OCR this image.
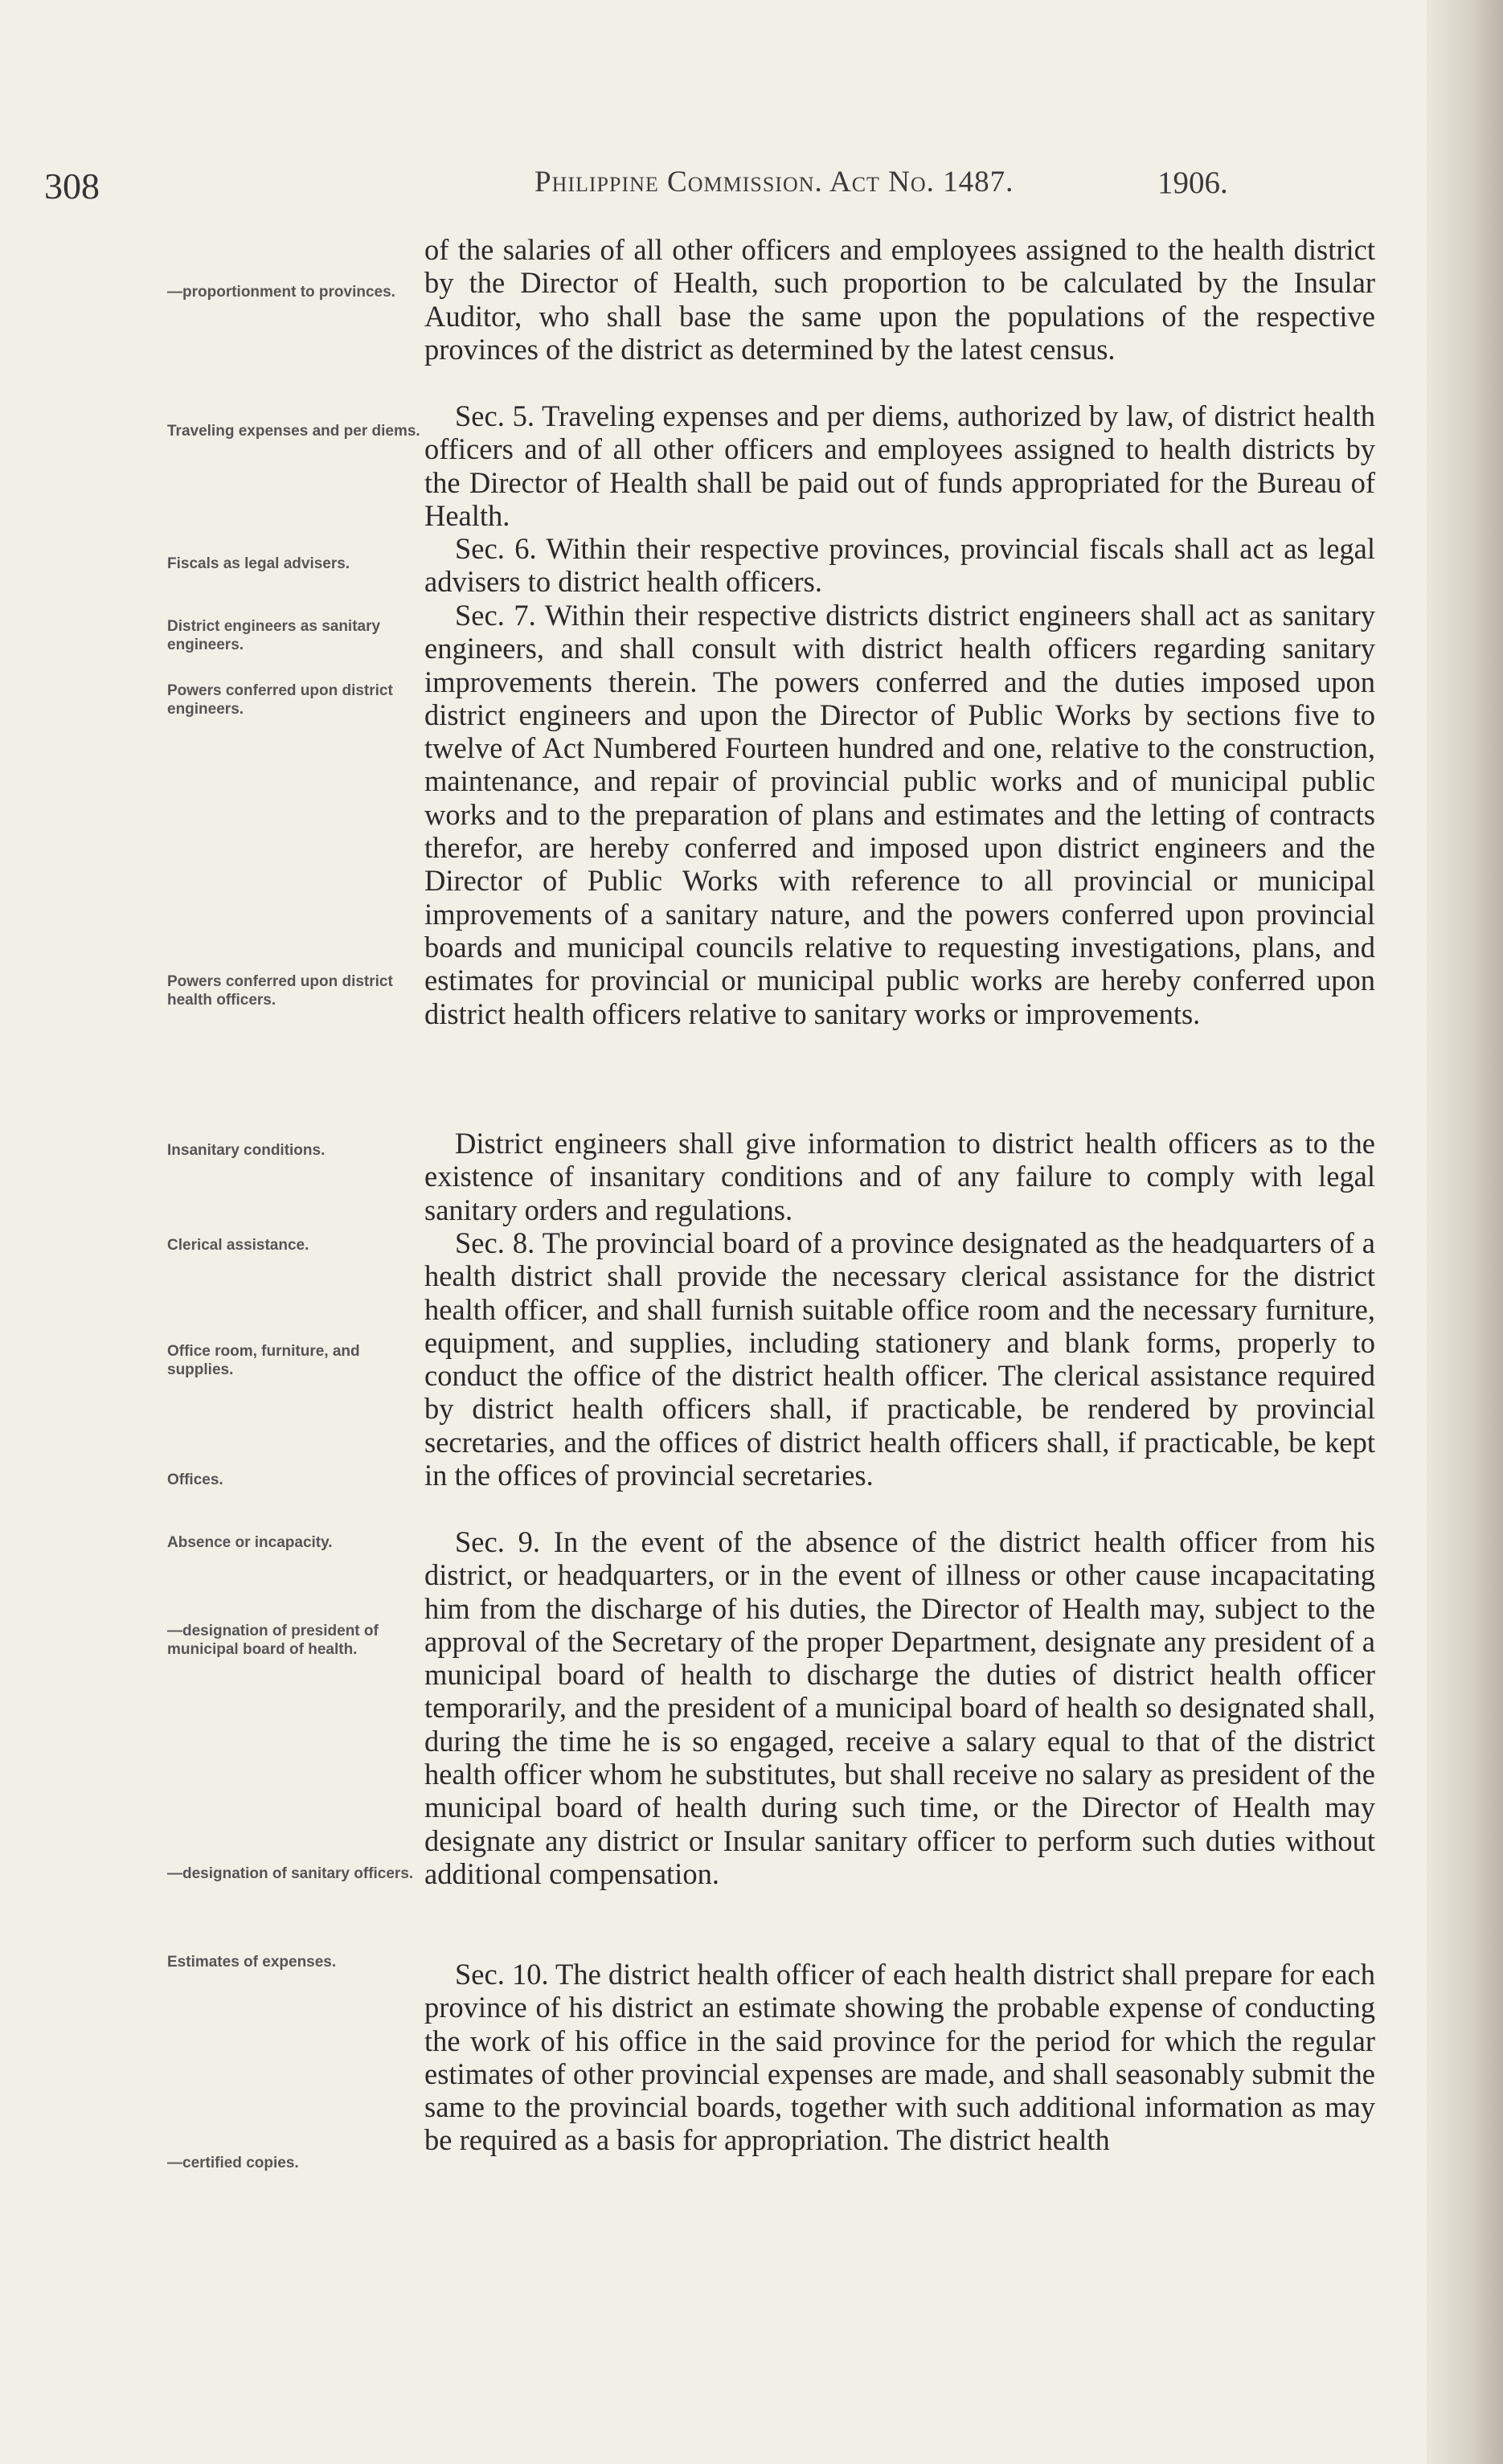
308	Philippine Commission. Act No. 1487.	1906.
—proportionment to provinces.
Traveling expenses and per diems.
Fiscals as legal advisers.
District engineers as sanitary engineers.
Powers conferred upon district engineers.
Powers conferred upon district health officers.
Insanitary conditions.
Clerical assistance.
Office room, furniture, and supplies.
Offices.
Absence or incapacity.
—designation of president of municipal board of health.
—designation of sanitary officers.
Estimates of expenses.
—certified copies.
of the salaries of all other officers and employees assigned to the health district by the Director of Health, such proportion to be calculated by the Insular Auditor, who shall base the same upon the populations of the respective provinces of the district as determined by the latest census.
Sec. 5. Traveling expenses and per diems, authorized by law, of district health officers and of all other officers and employees assigned to health districts by the Director of Health shall be paid out of funds appropriated for the Bureau of Health.
Sec. 6. Within their respective provinces, provincial fiscals shall act as legal advisers to district health officers.
Sec. 7. Within their respective districts district engineers shall act as sanitary engineers, and shall consult with district health officers regarding sanitary improvements therein. The powers conferred and the duties imposed upon district engineers and upon the Director of Public Works by sections five to twelve of Act Numbered Fourteen hundred and one, relative to the construction, maintenance, and repair of provincial public works and of municipal public works and to the preparation of plans and estimates and the letting of contracts therefor, are hereby conferred and imposed upon district engineers and the Director of Public Works with reference to all provincial or municipal improvements of a sanitary nature, and the powers conferred upon provincial boards and municipal councils relative to requesting investigations, plans, and estimates for provincial or municipal public works are hereby conferred upon district health officers relative to sanitary works or improvements.
District engineers shall give information to district health officers as to the existence of insanitary conditions and of any failure to comply with legal sanitary orders and regulations.
Sec. 8. The provincial board of a province designated as the headquarters of a health district shall provide the necessary clerical assistance for the district health officer, and shall furnish suitable office room and the necessary furniture, equipment, and supplies, including stationery and blank forms, properly to conduct the office of the district health officer. The clerical assistance required by district health officers shall, if practicable, be rendered by provincial secretaries, and the offices of district health officers shall, if practicable, be kept in the offices of provincial secretaries.
Sec. 9. In the event of the absence of the district health officer from his district, or headquarters, or in the event of illness or other cause incapacitating him from the discharge of his duties, the Director of Health may, subject to the approval of the Secretary of the proper Department, designate any president of a municipal board of health to discharge the duties of district health officer temporarily, and the president of a municipal board of health so designated shall, during the time he is so engaged, receive a salary equal to that of the district health officer whom he substitutes, but shall receive no salary as president of the municipal board of health during such time, or the Director of Health may designate any district or Insular sanitary officer to perform such duties without additional compensation.
Sec. 10. The district health officer of each health district shall prepare for each province of his district an estimate showing the probable expense of conducting the work of his office in the said province for the period for which the regular estimates of other provincial expenses are made, and shall seasonably submit the same to the provincial boards, together with such additional information as may be required as a basis for appropriation. The district health
